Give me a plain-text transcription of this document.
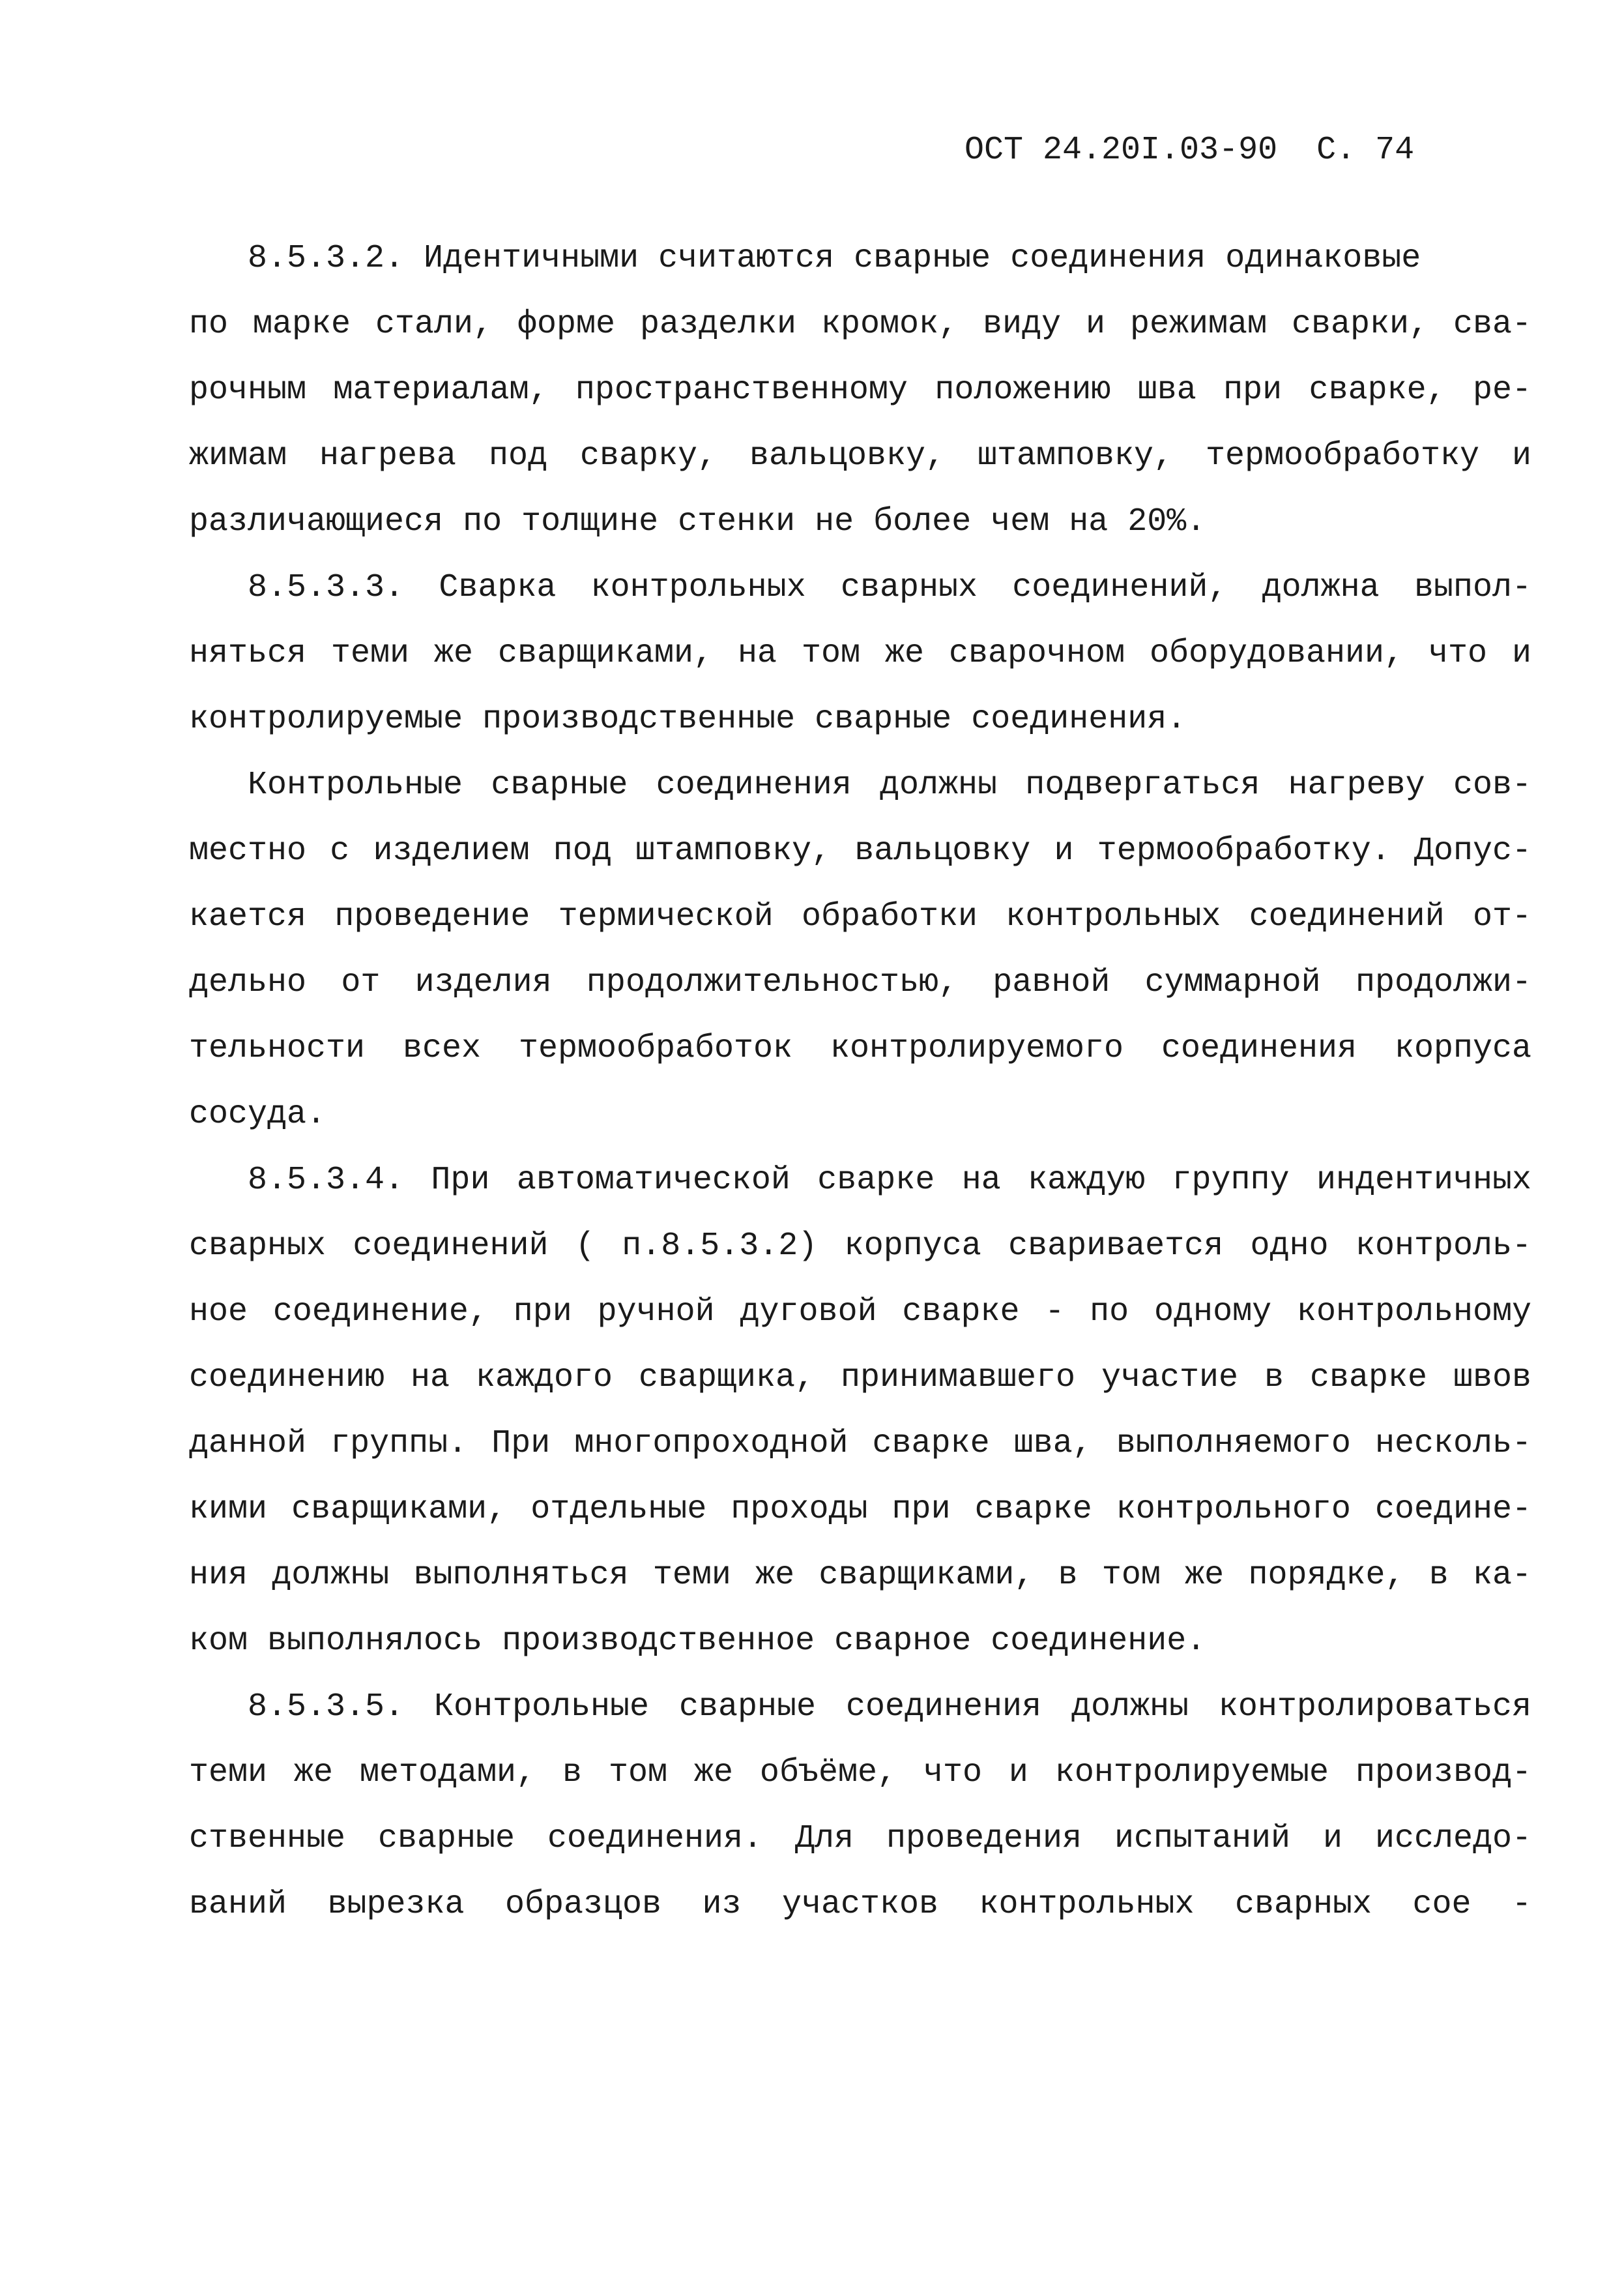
ОСТ 24.20I.03-90  С. 74
8.5.3.2. Идентичными считаются сварные соединения одинаковые
по марке стали, форме разделки кромок, виду и режимам сварки, сва-
рочным материалам, пространственному положению шва при сварке, ре-
жимам нагрева под сварку, вальцовку, штамповку, термообработку и
различающиеся по толщине стенки не более чем на 20%.
8.5.3.3. Сварка контрольных сварных соединений, должна выпол-
няться теми же сварщиками, на том же сварочном оборудовании, что и
контролируемые производственные сварные соединения.
Контрольные сварные соединения должны подвергаться нагреву сов-
местно с изделием под штамповку, вальцовку и термообработку. Допус-
кается проведение термической обработки контрольных соединений от-
дельно от изделия продолжительностью, равной суммарной продолжи-
тельности всех термообработок контролируемого соединения корпуса
сосуда.
8.5.3.4. При автоматической сварке на каждую группу индентичных
сварных соединений ( п.8.5.3.2) корпуса сваривается одно контроль-
ное соединение, при ручной дуговой сварке - по одному контрольному
соединению на каждого сварщика, принимавшего участие в сварке швов
данной группы. При многопроходной сварке шва, выполняемого несколь-
кими сварщиками, отдельные проходы при сварке контрольного соедине-
ния должны выполняться теми же сварщиками, в том же порядке, в ка-
ком выполнялось производственное сварное соединение.
8.5.3.5. Контрольные сварные соединения должны контролироваться
теми же методами, в том же объёме, что и контролируемые производ-
ственные сварные соединения. Для проведения испытаний и исследо-
ваний вырезка образцов из участков контрольных сварных сое -
